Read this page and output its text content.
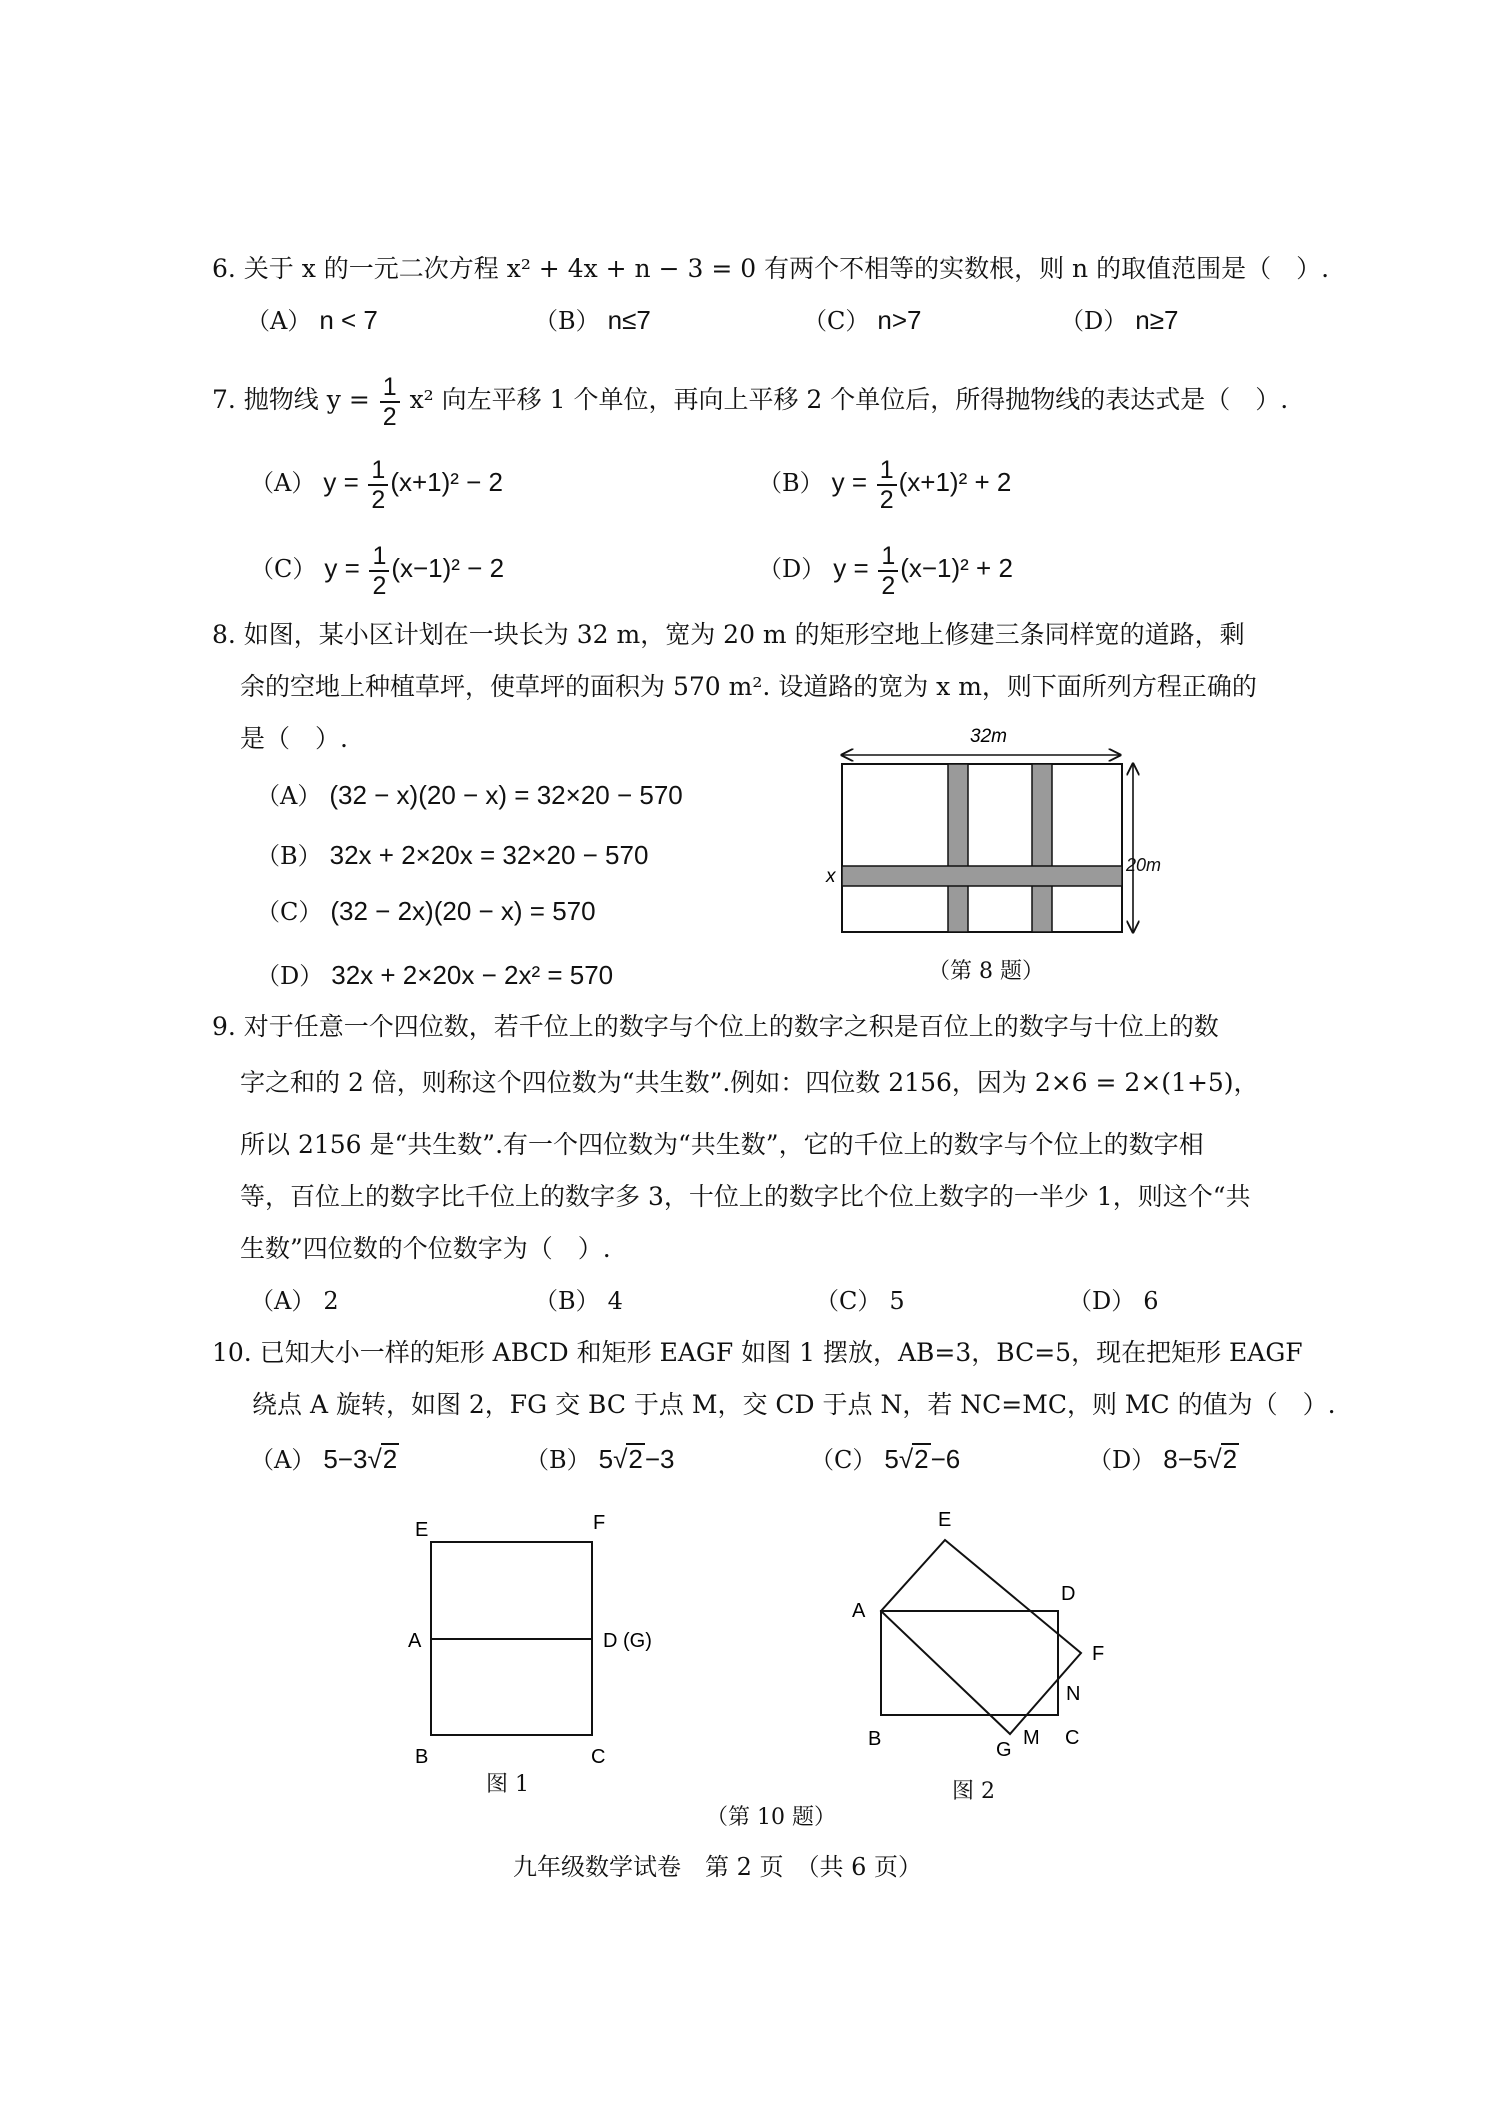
6. 关于 x 的一元二次方程 x² + 4x + n − 3 = 0 有两个不相等的实数根，则 n 的取值范围是（　）.
（A） n < 7	（B） n≤7	（C） n>7	（D） n≥7
7. 抛物线 $y = \frac{1}{2} x^2$ 向左平移 1 个单位，再向上平移 2 个单位后，所得抛物线的表达式是（　）.
（A） $y = \frac{1}{2} (x+1)^2 - 2$	（B） $y = \frac{1}{2} (x+1)^2 + 2$
（C） $y = \frac{1}{2} (x-1)^2 - 2$	（D） $y = \frac{1}{2} (x-1)^2 + 2$
8. 如图，某小区计划在一块长为 32 m，宽为 20 m 的矩形空地上修建三条同样宽的道路，剩
余的空地上种植草坪，使草坪的面积为 570 m². 设道路的宽为 x m，则下面所列方程正确的
是（　）.
（A） (32 − x)(20 − x) = 32×20 − 570
（B） 32x + 2×20x = 32×20 − 570
（C） (32 − 2x)(20 − x) = 570
（D） 32x + 2×20x − 2x² = 570
32m
20m
x
（第 8 题）
9. 对于任意一个四位数，若千位上的数字与个位上的数字之积是百位上的数字与十位上的数
字之和的 2 倍，则称这个四位数为“共生数”.例如：四位数 2156，因为 2×6 = 2×(1+5)，
所以 2156 是“共生数”.有一个四位数为“共生数”，它的千位上的数字与个位上的数字相
等，百位上的数字比千位上的数字多 3，十位上的数字比个位上数字的一半少 1，则这个“共
生数”四位数的个位数字为（　）.
（A） 2	（B） 4	（C） 5	（D） 6
10. 已知大小一样的矩形 ABCD 和矩形 EAGF 如图 1 摆放，AB=3，BC=5，现在把矩形 EAGF
绕点 A 旋转，如图 2，FG 交 BC 于点 M，交 CD 于点 N，若 NC=MC，则 MC 的值为（　）.
（A） 5−3√2	（B） 5√2−3	（C） 5√2−6	（D） 8−5√2
E	F
A	D (G)
B	C
图 1
E
D
A
F
N
B	G
M C
图 2
（第 10 题）
九年级数学试卷　第 2 页　（共 6 页）
